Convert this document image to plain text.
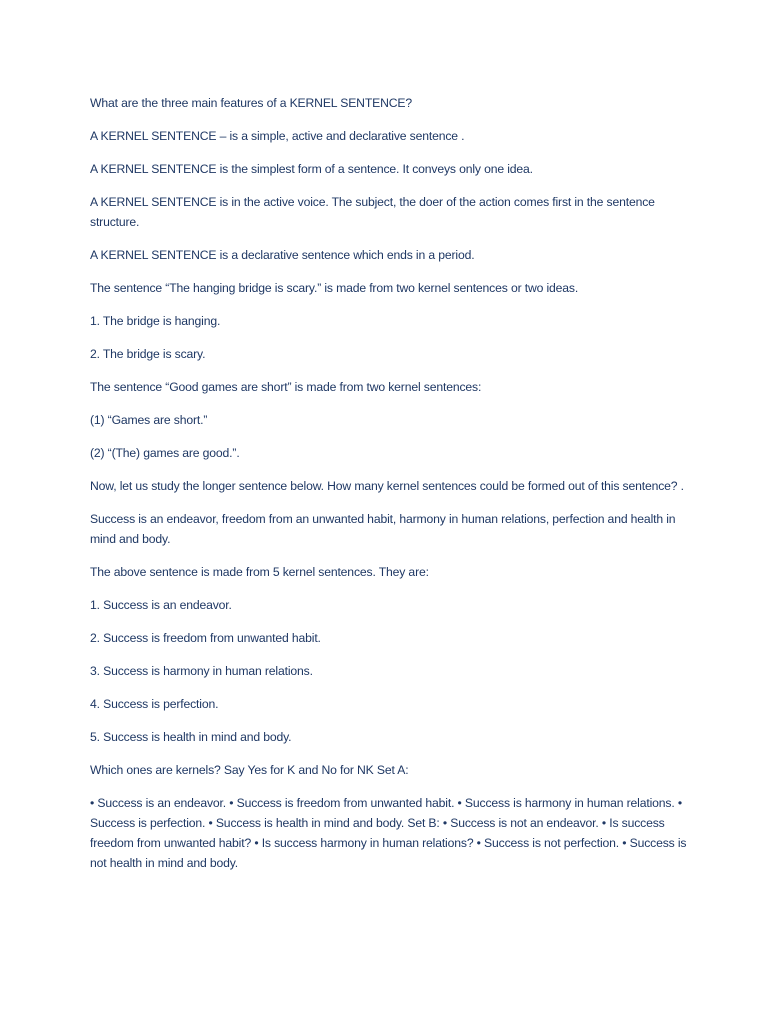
What are the three main features of a KERNEL SENTENCE?

A KERNEL SENTENCE – is a simple, active and declarative sentence .

A KERNEL SENTENCE is the simplest form of a sentence. It conveys only one idea.

A KERNEL SENTENCE is in the active voice. The subject, the doer of the action comes first in the sentence structure.

A KERNEL SENTENCE is a declarative sentence which ends in a period.

The sentence “The hanging bridge is scary.” is made from two kernel sentences or two ideas.

1. The bridge is hanging.

2. The bridge is scary.

The sentence “Good games are short” is made from two kernel sentences:

(1) “Games are short.”

(2) “(The) games are good.”.

Now, let us study the longer sentence below. How many kernel sentences could be formed out of this sentence? .

Success is an endeavor, freedom from an unwanted habit, harmony in human relations, perfection and health in mind and body.

The above sentence is made from 5 kernel sentences. They are:

1. Success is an endeavor.

2. Success is freedom from unwanted habit.

3. Success is harmony in human relations.

4. Success is perfection.

5. Success is health in mind and body.

Which ones are kernels? Say Yes for K and No for NK Set A:

• Success is an endeavor. • Success is freedom from unwanted habit. • Success is harmony in human relations. • Success is perfection. • Success is health in mind and body. Set B: • Success is not an endeavor. • Is success freedom from unwanted habit? • Is success harmony in human relations? • Success is not perfection. • Success is not health in mind and body.
